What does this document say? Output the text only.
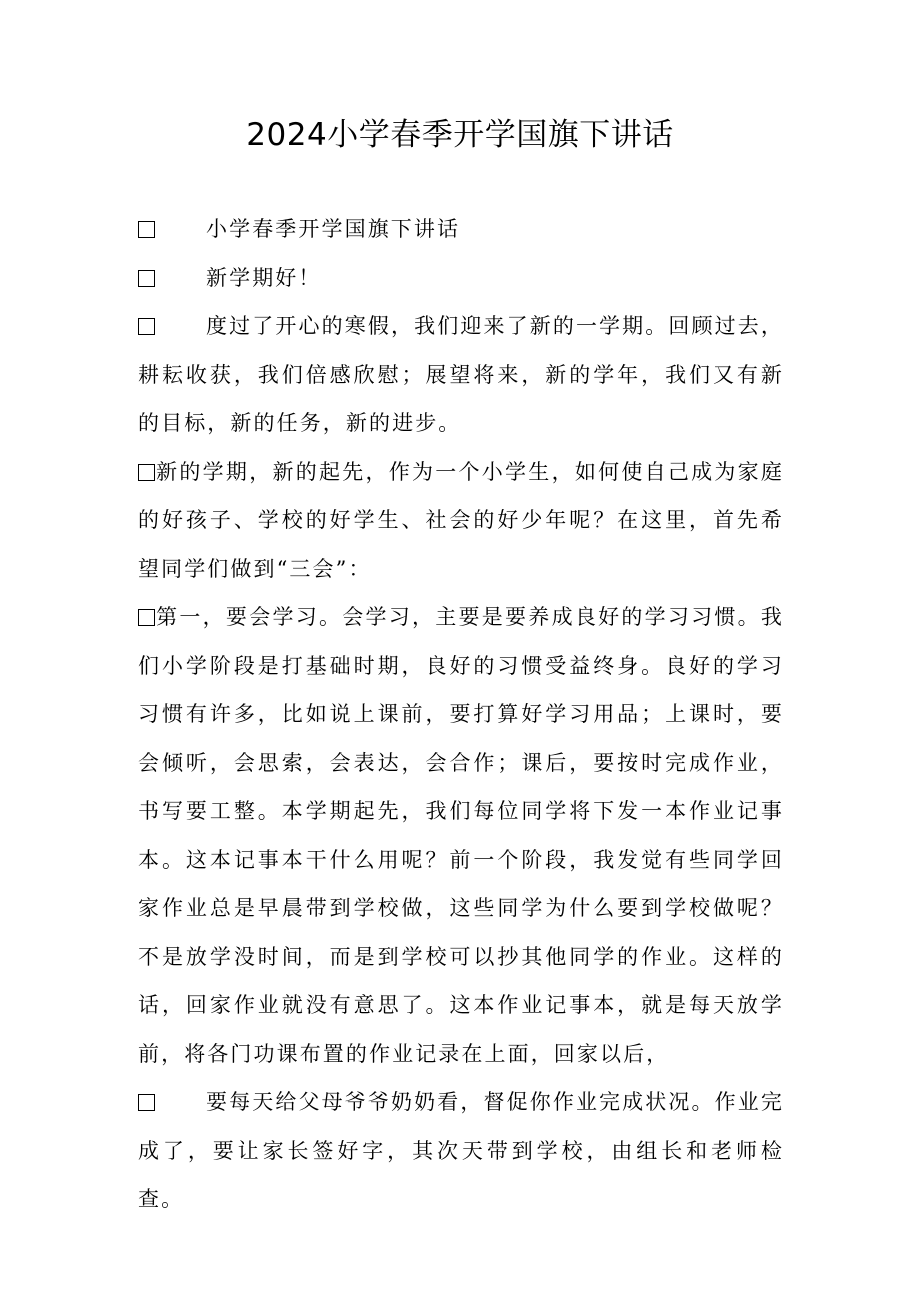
2024小学春季开学国旗下讲话

小学春季开学国旗下讲话

新学期好！

度过了开心的寒假，我们迎来了新的一学期。回顾过去，耕耘收获，我们倍感欣慰；展望将来，新的学年，我们又有新的目标，新的任务，新的进步。

新的学期，新的起先，作为一个小学生，如何使自己成为家庭的好孩子、学校的好学生、社会的好少年呢？在这里，首先希望同学们做到“三会”：

第一，要会学习。会学习，主要是要养成良好的学习习惯。我们小学阶段是打基础时期，良好的习惯受益终身。良好的学习习惯有许多，比如说上课前，要打算好学习用品；上课时，要会倾听，会思索，会表达，会合作；课后，要按时完成作业，书写要工整。本学期起先，我们每位同学将下发一本作业记事本。这本记事本干什么用呢？前一个阶段，我发觉有些同学回家作业总是早晨带到学校做，这些同学为什么要到学校做呢？不是放学没时间，而是到学校可以抄其他同学的作业。这样的话，回家作业就没有意思了。这本作业记事本，就是每天放学前，将各门功课布置的作业记录在上面，回家以后，

要每天给父母爷爷奶奶看，督促你作业完成状况。作业完成了，要让家长签好字，其次天带到学校，由组长和老师检查。
